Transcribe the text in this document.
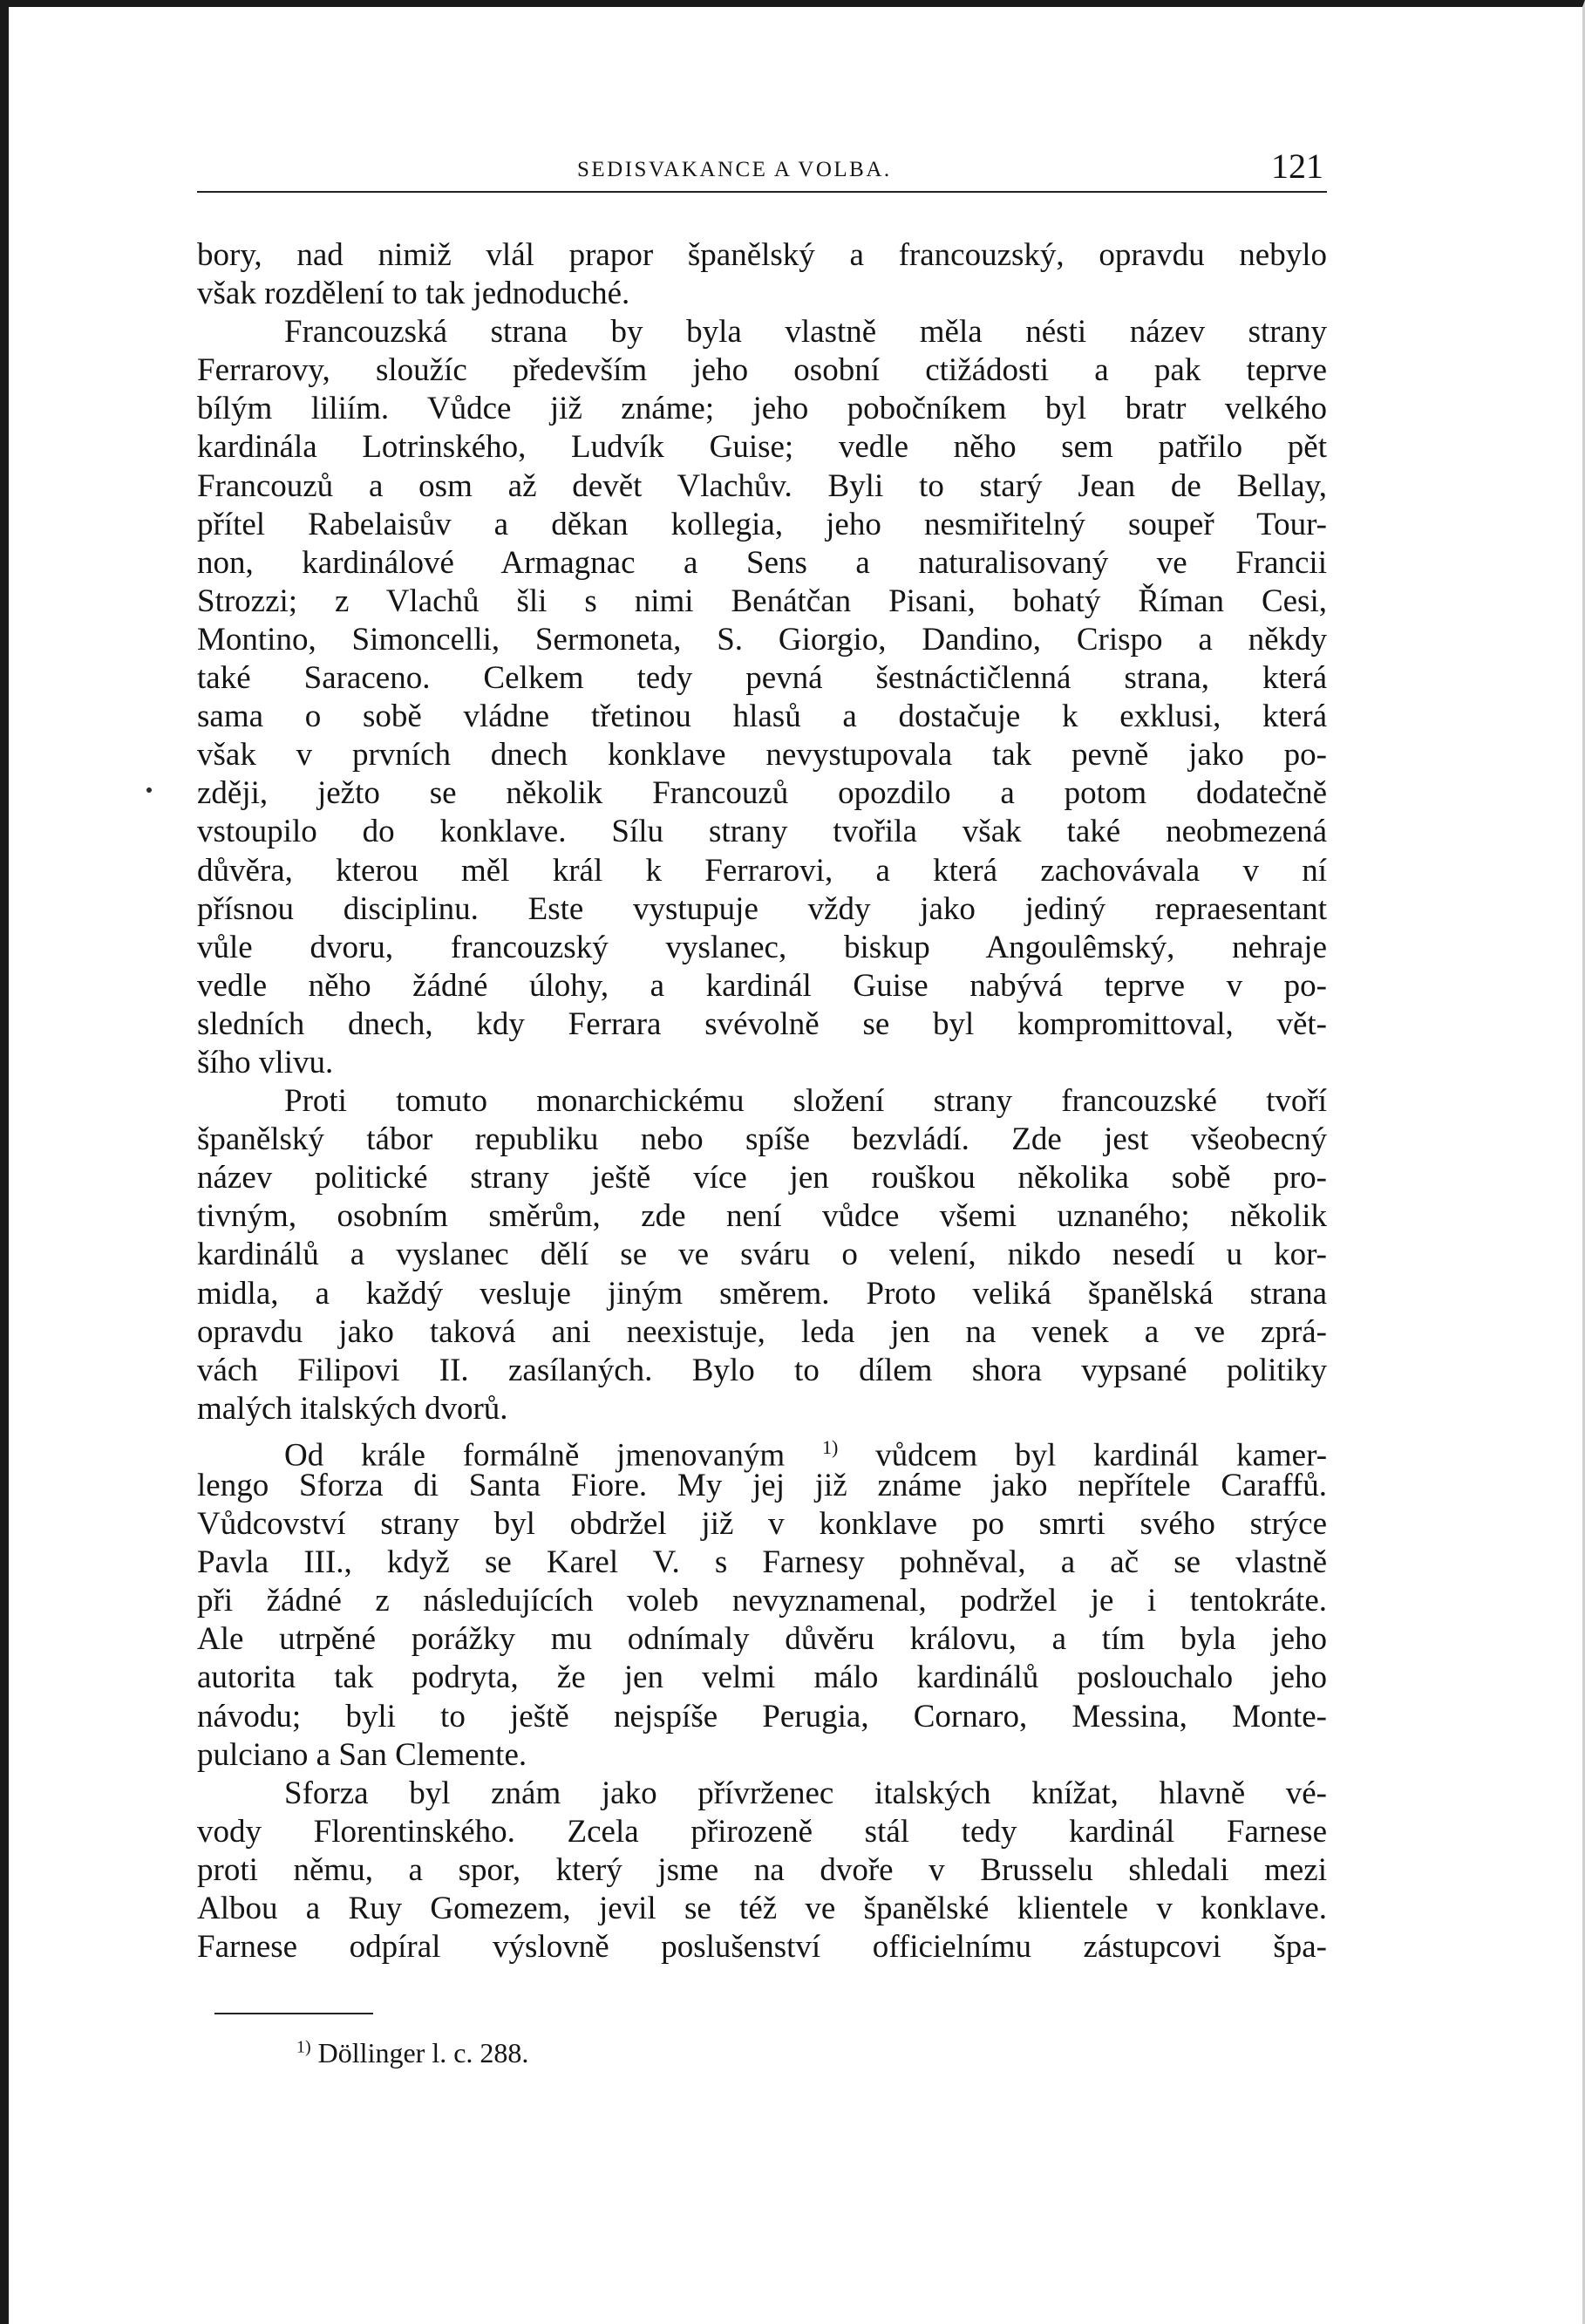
SEDISVAKANCE A VOLBA.	121
bory, nad nimiž vlál prapor španělský a francouzský, opravdu nebylo
však rozdělení to tak jednoduché.
Francouzská strana by byla vlastně měla nésti název strany
Ferrarovy, sloužíc především jeho osobní ctižádosti a pak teprve
bílým liliím. Vůdce již známe; jeho pobočníkem byl bratr velkého
kardinála Lotrinského, Ludvík Guise; vedle něho sem patřilo pět
Francouzů a osm až devět Vlachův. Byli to starý Jean de Bellay,
přítel Rabelaisův a děkan kollegia, jeho nesmiřitelný soupeř Tour-
non, kardinálové Armagnac a Sens a naturalisovaný ve Francii
Strozzi; z Vlachů šli s nimi Benátčan Pisani, bohatý Říman Cesi,
Montino, Simoncelli, Sermoneta, S. Giorgio, Dandino, Crispo a někdy
také Saraceno. Celkem tedy pevná šestnáctičlenná strana, která
sama o sobě vládne třetinou hlasů a dostačuje k exklusi, která
však v prvních dnech konklave nevystupovala tak pevně jako po-
zději, ježto se několik Francouzů opozdilo a potom dodatečně
vstoupilo do konklave. Sílu strany tvořila však také neobmezená
důvěra, kterou měl král k Ferrarovi, a která zachovávala v ní
přísnou disciplinu. Este vystupuje vždy jako jediný repraesentant
vůle dvoru, francouzský vyslanec, biskup Angoulêmský, nehraje
vedle něho žádné úlohy, a kardinál Guise nabývá teprve v po-
sledních dnech, kdy Ferrara svévolně se byl kompromittoval, vět-
šího vlivu.
Proti tomuto monarchickému složení strany francouzské tvoří
španělský tábor republiku nebo spíše bezvládí. Zde jest všeobecný
název politické strany ještě více jen rouškou několika sobě pro-
tivným, osobním směrům, zde není vůdce všemi uznaného; několik
kardinálů a vyslanec dělí se ve sváru o velení, nikdo nesedí u kor-
midla, a každý vesluje jiným směrem. Proto veliká španělská strana
opravdu jako taková ani neexistuje, leda jen na venek a ve zprá-
vách Filipovi II. zasílaných. Bylo to dílem shora vypsané politiky
malých italských dvorů.
Od krále formálně jmenovaným $^{1)}$ vůdcem byl kardinál kamer-
lengo Sforza di Santa Fiore. My jej již známe jako nepřítele Caraffů.
Vůdcovství strany byl obdržel již v konklave po smrti svého strýce
Pavla III., když se Karel V. s Farnesy pohněval, a ač se vlastně
při žádné z následujících voleb nevyznamenal, podržel je i tentokráte.
Ale utrpěné porážky mu odnímaly důvěru královu, a tím byla jeho
autorita tak podryta, že jen velmi málo kardinálů poslouchalo jeho
návodu; byli to ještě nejspíše Perugia, Cornaro, Messina, Monte-
pulciano a San Clemente.
Sforza byl znám jako přívrženec italských knížat, hlavně vé-
vody Florentinského. Zcela přirozeně stál tedy kardinál Farnese
proti němu, a spor, který jsme na dvoře v Brusselu shledali mezi
Albou a Ruy Gomezem, jevil se též ve španělské klientele v konklave.
Farnese odpíral výslovně poslušenství officielnímu zástupcovi špa-
$^{1)}$ Döllinger l. c. 288.
